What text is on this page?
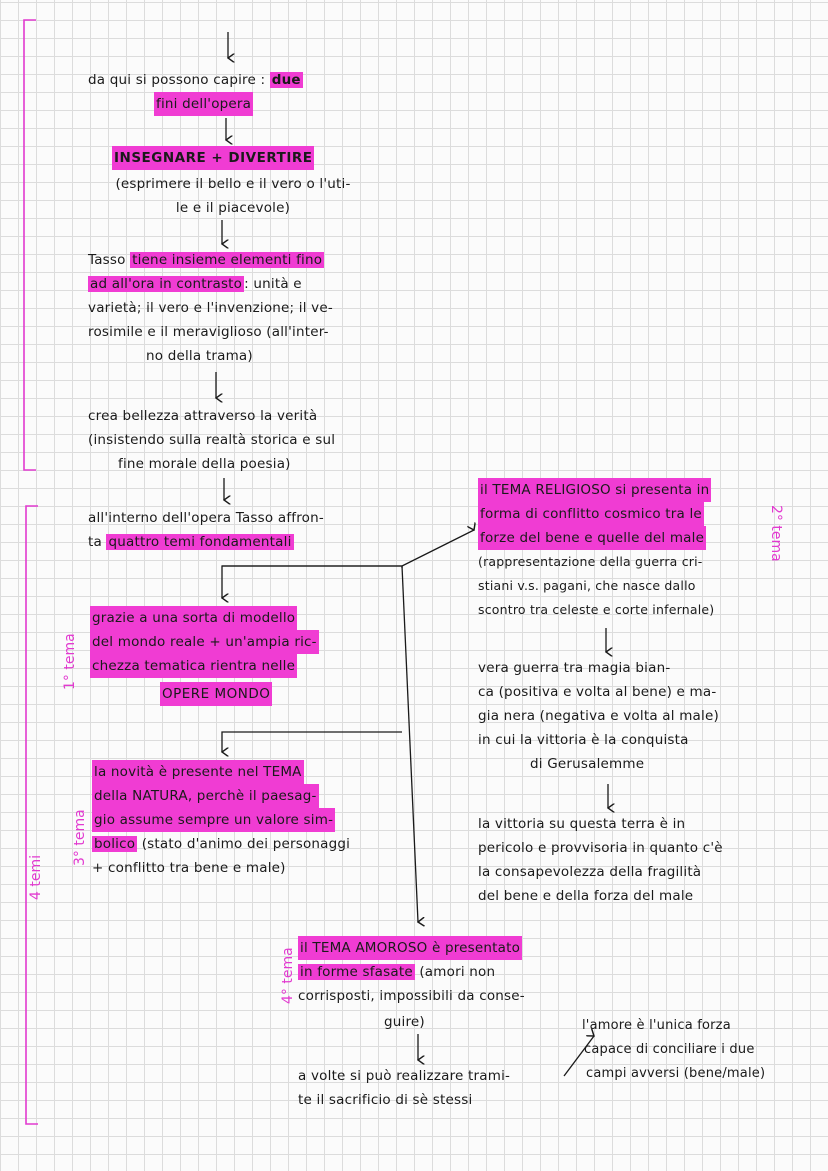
da qui si possono capire : due
fini dell'opera
INSEGNARE + DIVERTIRE
(esprimere il bello e il vero o l'uti-
le e il piacevole)
Tasso tiene insieme elementi fino
ad all'ora in contrasto : unità e
varietà; il vero e l'invenzione; il ve-
rosimile e il meraviglioso (all'inter-
no della trama)
crea bellezza attraverso la verità
(insistendo sulla realtà storica e sul
fine morale della poesia)
all'interno dell'opera Tasso affron-
ta quattro temi fondamentali
grazie a una sorta di modello
del mondo reale + un'ampia ric-
chezza tematica rientra nelle
OPERE MONDO
la novità è presente nel TEMA
della NATURA, perchè il paesag-
gio assume sempre un valore sim-
bolico (stato d'animo dei personaggi
+ conflitto tra bene e male)
il TEMA RELIGIOSO si presenta in
forma di conflitto cosmico tra le
forze del bene e quelle del male
(rappresentazione della guerra cri-
stiani v.s. pagani, che nasce dallo
scontro tra celeste e corte infernale)
vera guerra tra magia bian-
ca (positiva e volta al bene) e ma-
gia nera (negativa e volta al male)
in cui la vittoria è la conquista
di Gerusalemme
la vittoria su questa terra è in
pericolo e provvisoria in quanto c'è
la consapevolezza della fragilità
del bene e della forza del male
il TEMA AMOROSO è presentato
in forme sfasate (amori non
corrisposti, impossibili da conse-
guire)
a volte si può realizzare trami-
te il sacrificio di sè stessi
l'amore è l'unica forza
capace di conciliare i due
campi avversi (bene/male)
1° tema
3° tema
4° tema
2° tema
4 temi
